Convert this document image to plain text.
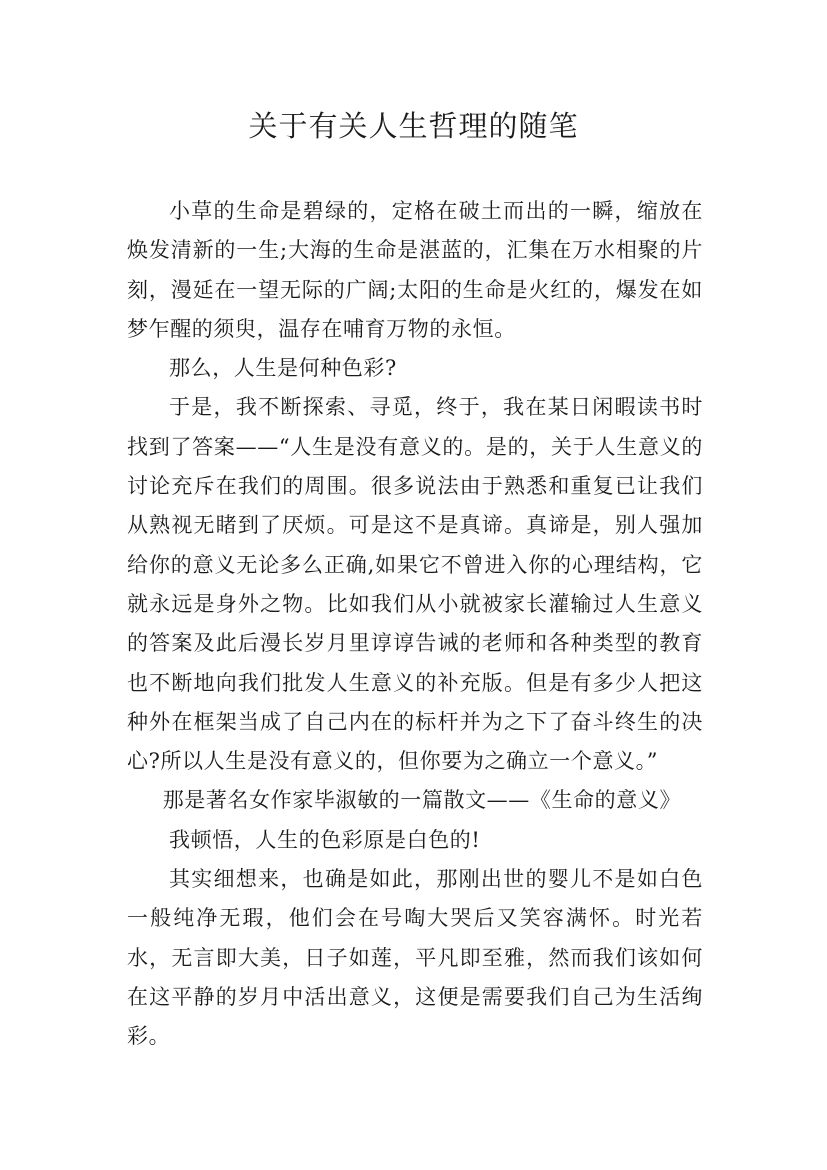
关于有关人生哲理的随笔

小草的生命是碧绿的，定格在破土而出的一瞬，缩放在焕发清新的一生;大海的生命是湛蓝的，汇集在万水相聚的片刻，漫延在一望无际的广阔;太阳的生命是火红的，爆发在如梦乍醒的须臾，温存在哺育万物的永恒。

那么，人生是何种色彩?

于是，我不断探索、寻觅，终于，我在某日闲暇读书时找到了答案——“人生是没有意义的。是的，关于人生意义的讨论充斥在我们的周围。很多说法由于熟悉和重复已让我们从熟视无睹到了厌烦。可是这不是真谛。真谛是，别人强加给你的意义无论多么正确,如果它不曾进入你的心理结构，它就永远是身外之物。比如我们从小就被家长灌输过人生意义的答案及此后漫长岁月里谆谆告诫的老师和各种类型的教育也不断地向我们批发人生意义的补充版。但是有多少人把这种外在框架当成了自己内在的标杆并为之下了奋斗终生的决心?所以人生是没有意义的，但你要为之确立一个意义。”

那是著名女作家毕淑敏的一篇散文——《生命的意义》

我顿悟，人生的色彩原是白色的!

其实细想来，也确是如此，那刚出世的婴儿不是如白色一般纯净无瑕，他们会在号啕大哭后又笑容满怀。时光若水，无言即大美，日子如莲，平凡即至雅，然而我们该如何在这平静的岁月中活出意义，这便是需要我们自己为生活绚彩。
